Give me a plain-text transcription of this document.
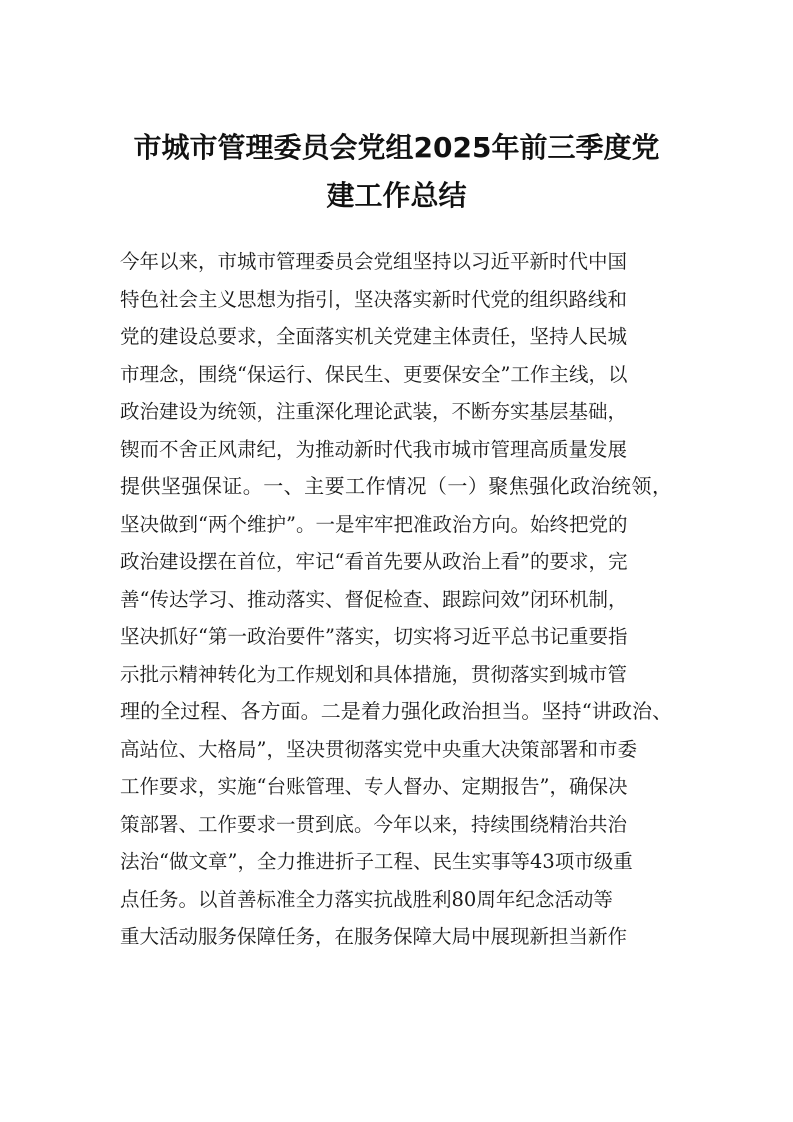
市城市管理委员会党组2025年前三季度党
建工作总结
今年以来，市城市管理委员会党组坚持以习近平新时代中国
特色社会主义思想为指引，坚决落实新时代党的组织路线和
党的建设总要求，全面落实机关党建主体责任，坚持人民城
市理念，围绕“保运行、保民生、更要保安全”工作主线，以
政治建设为统领，注重深化理论武装，不断夯实基层基础，
锲而不舍正风肃纪，为推动新时代我市城市管理高质量发展
提供坚强保证。一、主要工作情况（一）聚焦强化政治统领，
坚决做到“两个维护”。一是牢牢把准政治方向。始终把党的
政治建设摆在首位，牢记“看首先要从政治上看”的要求，完
善“传达学习、推动落实、督促检查、跟踪问效”闭环机制，
坚决抓好“第一政治要件”落实，切实将习近平总书记重要指
示批示精神转化为工作规划和具体措施，贯彻落实到城市管
理的全过程、各方面。二是着力强化政治担当。坚持“讲政治、
高站位、大格局”，坚决贯彻落实党中央重大决策部署和市委
工作要求，实施“台账管理、专人督办、定期报告”，确保决
策部署、工作要求一贯到底。今年以来，持续围绕精治共治
法治“做文章”，全力推进折子工程、民生实事等43项市级重
点任务。以首善标准全力落实抗战胜利80周年纪念活动等
重大活动服务保障任务，在服务保障大局中展现新担当新作
